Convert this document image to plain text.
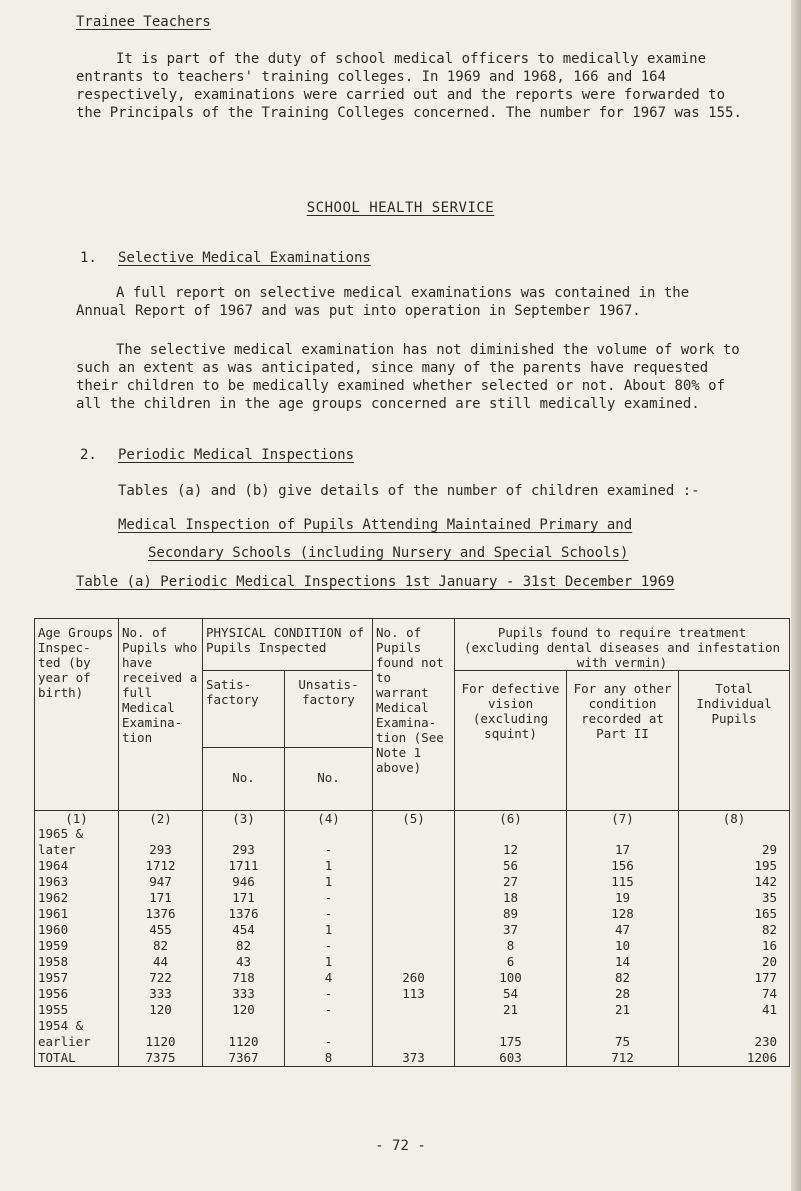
Trainee Teachers

It is part of the duty of school medical officers to medically examine entrants to teachers' training colleges. In 1969 and 1968, 166 and 164 respectively, examinations were carried out and the reports were forwarded to the Principals of the Training Colleges concerned. The number for 1967 was 155.

SCHOOL HEALTH SERVICE
1. Selective Medical Examinations

A full report on selective medical examinations was contained in the Annual Report of 1967 and was put into operation in September 1967.

The selective medical examination has not diminished the volume of work to such an extent as was anticipated, since many of the parents have requested their children to be medically examined whether selected or not. About 80% of all the children in the age groups concerned are still medically examined.

2. Periodic Medical Inspections

Tables (a) and (b) give details of the number of children examined :-

Medical Inspection of Pupils Attending Maintained Primary and
Secondary Schools (including Nursery and Special Schools)
Table (a) Periodic Medical Inspections 1st January - 31st December 1969
Age Groups Inspec- ted (by year of birth)	No. of Pupils who have received a full Medical Examina- tion	PHYSICAL CONDITION of Pupils Inspected		No. of Pupils found not to warrant Medical Examina- tion (See Note 1 above)	Pupils found to require treatment (excluding dental diseases and infestation with vermin)		
		Satis- factory	Unsatis- factory		For defective vision (excluding squint)	For any other condition recorded at Part II	Total Individual Pupils
		No.	No.				
(1)	(2)	(3)	(4)	(5)	(6)	(7)	(8)

1965 &
later	293	293	-		12	17	29

1964	1712	1711	1		56	156	195

1963	947	946	1		27	115	142

1962	171	171	-		18	19	35

1961	1376	1376	-		89	128	165

1960	455	454	1		37	47	82

1959	82	82	-		8	10	16

1958	44	43	1		6	14	20

1957	722	718	4	260	100	82	177

1956	333	333	-	113	54	28	74

1955	120	120	-		21	21	41

1954 &
earlier	1120	1120	-		175	75	230
TOTAL	7375	7367	8	373	603	712	1206
- 72 -
